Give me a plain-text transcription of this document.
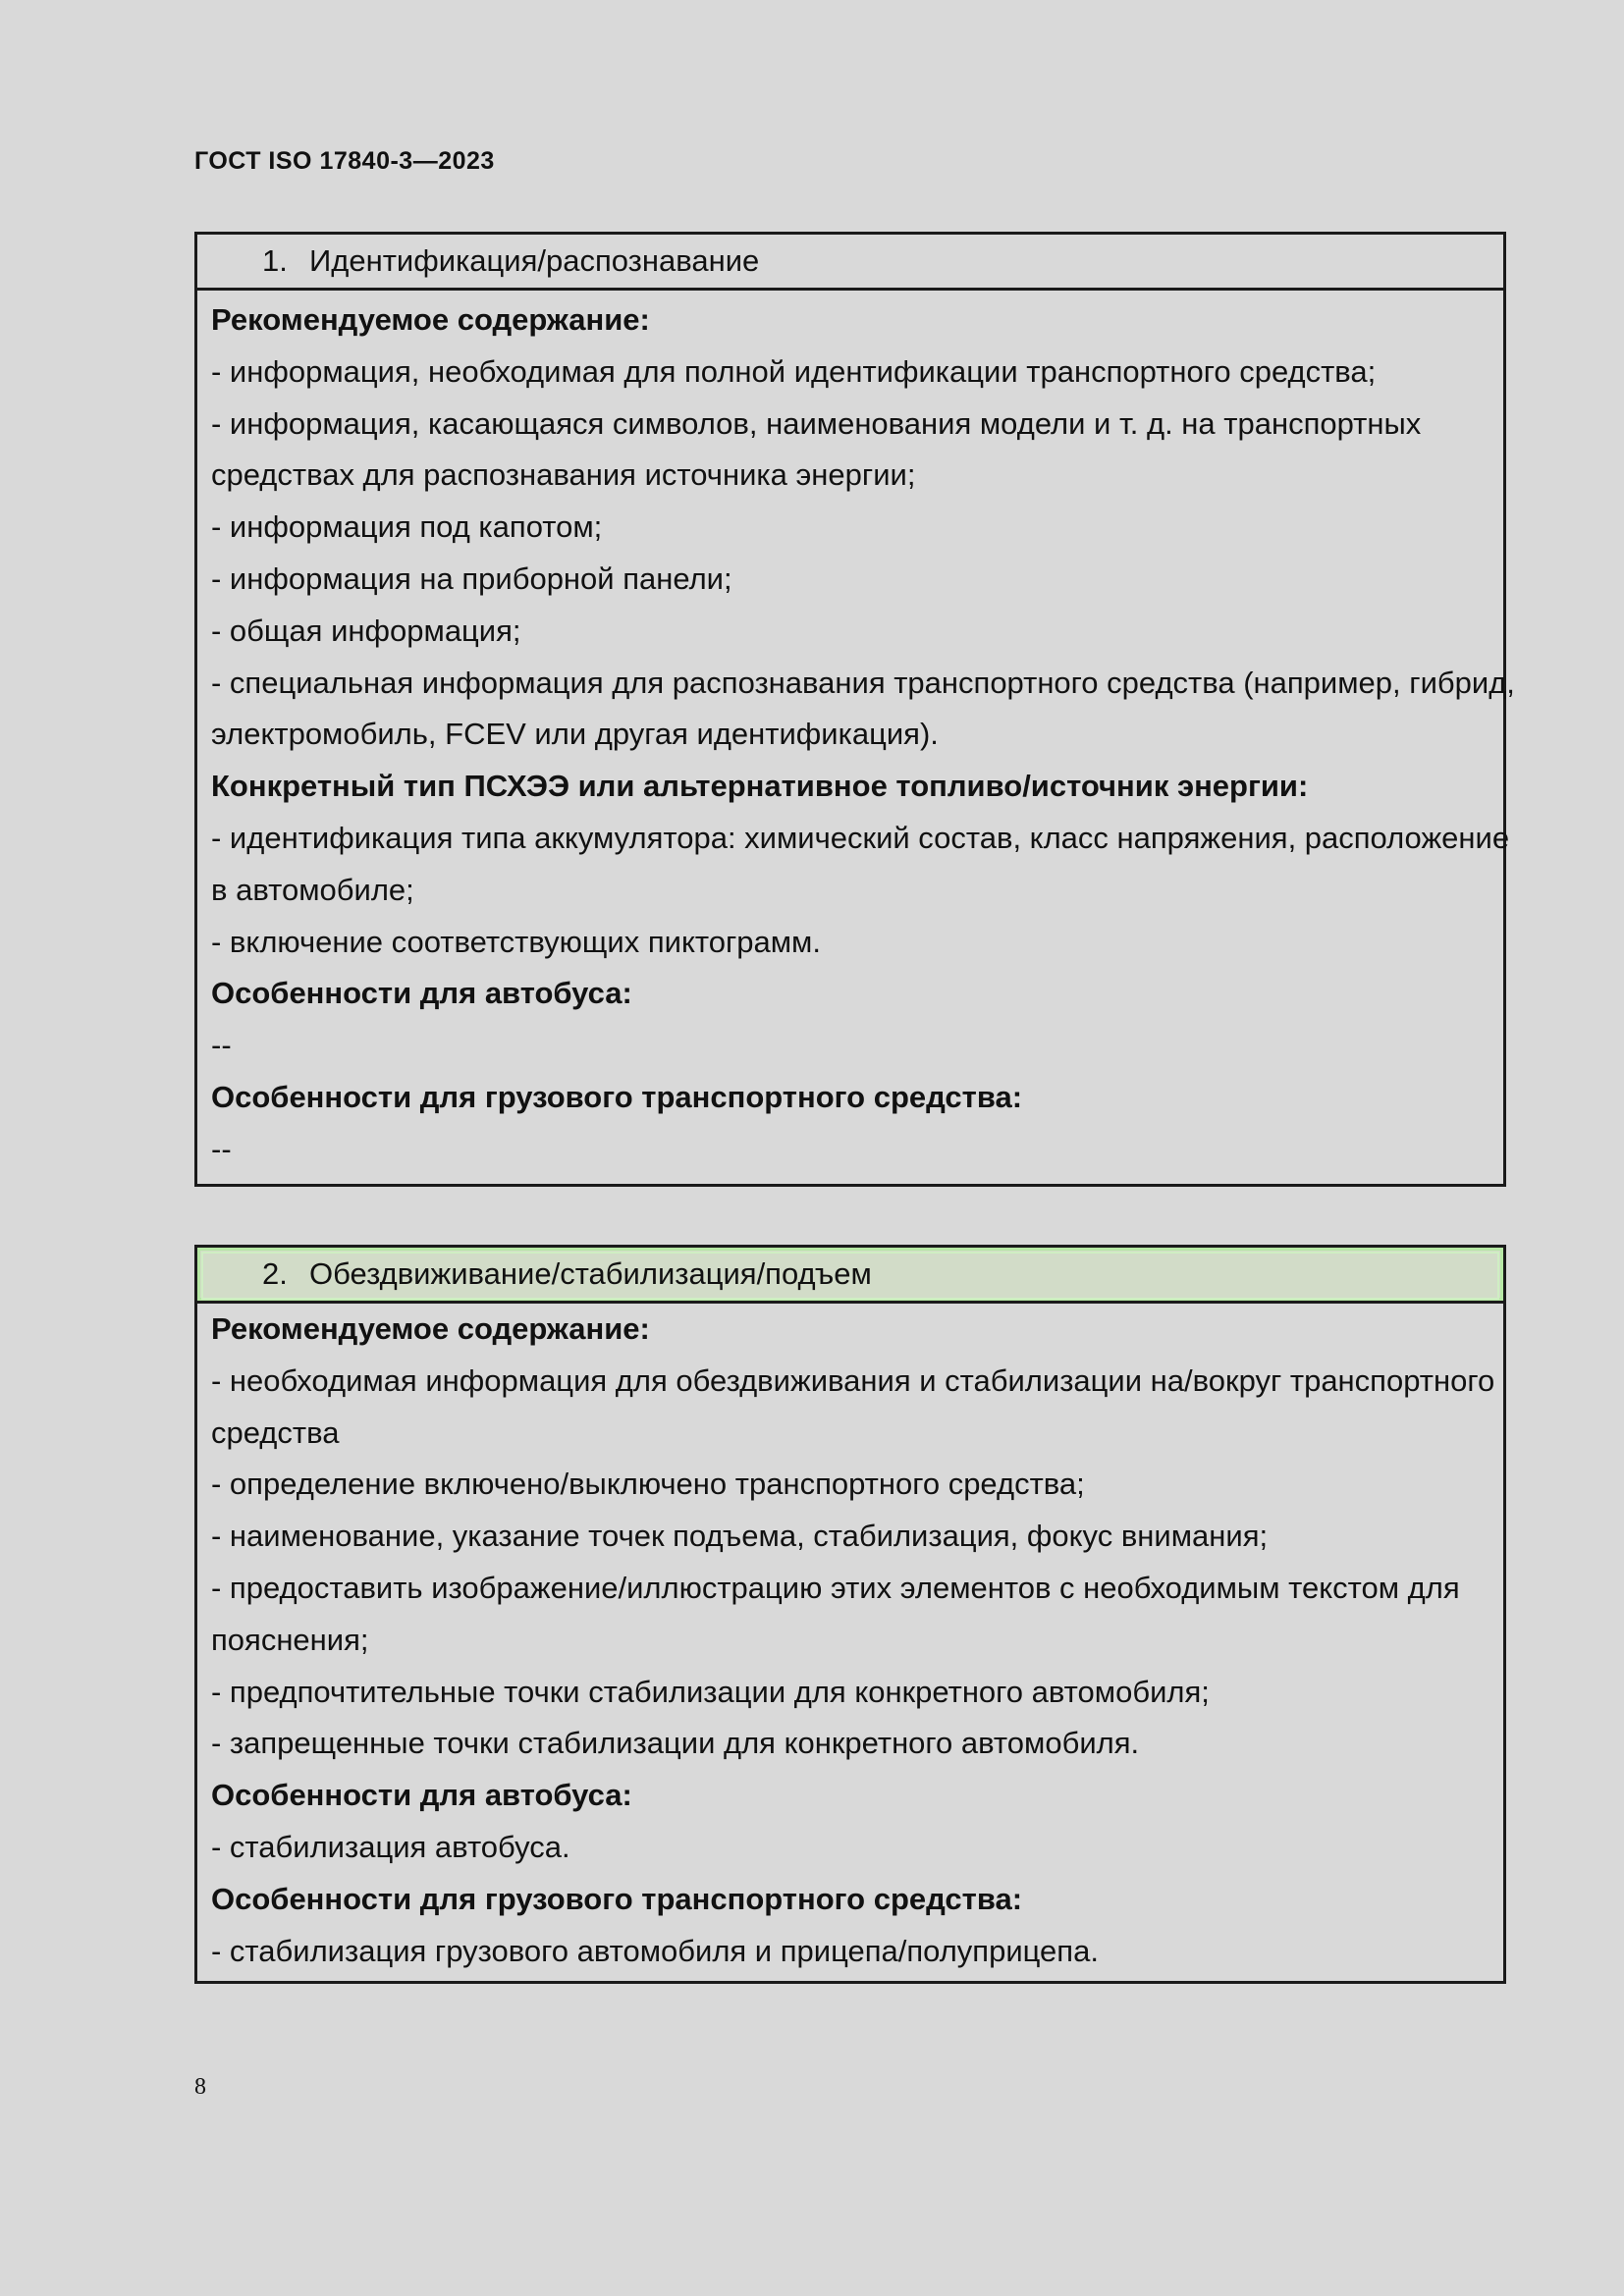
ГОСТ ISO 17840-3—2023
1. Идентификация/распознавание
Рекомендуемое содержание:
- информация, необходимая для полной идентификации транспортного средства;
- информация, касающаяся символов, наименования модели и т. д. на транспортных
средствах для распознавания источника энергии;
- информация под капотом;
- информация на приборной панели;
- общая информация;
- специальная информация для распознавания транспортного средства (например, гибрид,
электромобиль, FCEV или другая идентификация).
Конкретный тип ПСХЭЭ или альтернативное топливо/источник энергии:
- идентификация типа аккумулятора: химический состав, класс напряжения, расположение
в автомобиле;
- включение соответствующих пиктограмм.
Особенности для автобуса:
--
Особенности для грузового транспортного средства:
--
2. Обездвиживание/стабилизация/подъем
Рекомендуемое содержание:
- необходимая информация для обездвиживания и стабилизации на/вокруг транспортного
средства
- определение включено/выключено транспортного средства;
- наименование, указание точек подъема, стабилизация, фокус внимания;
- предоставить изображение/иллюстрацию этих элементов с необходимым текстом для
пояснения;
- предпочтительные точки стабилизации для конкретного автомобиля;
- запрещенные точки стабилизации для конкретного автомобиля.
Особенности для автобуса:
- стабилизация автобуса.
Особенности для грузового транспортного средства:
- стабилизация грузового автомобиля и прицепа/полуприцепа.
8
